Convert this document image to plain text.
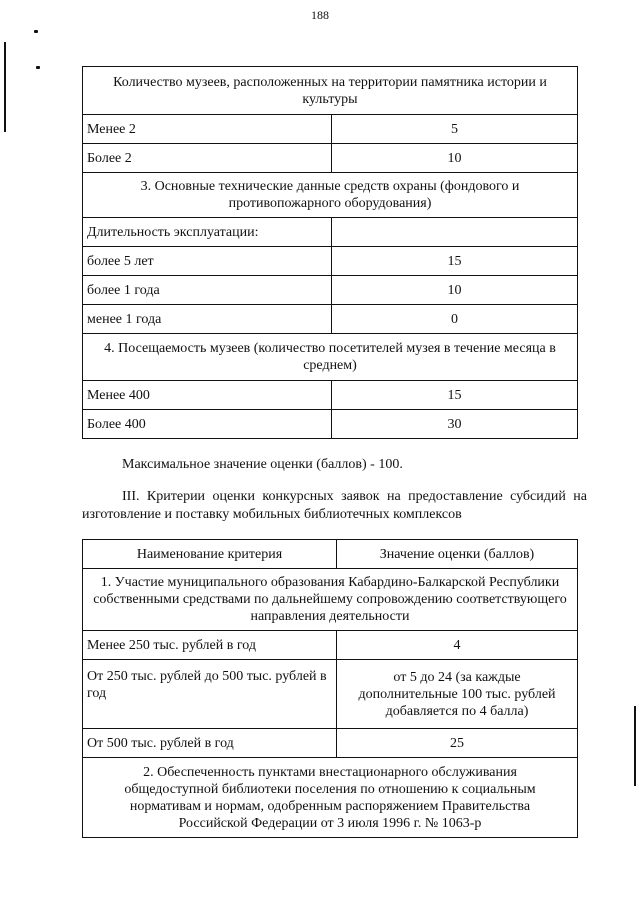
188
Количество музеев, расположенных на территории памятника истории и культуры	
Менее 2	5
Более 2	10
3. Основные технические данные средств охраны (фондового и противопожарного оборудования)	
Длительность эксплуатации:	
более 5 лет	15
более 1 года	10
менее 1 года	0
4. Посещаемость музеев (количество посетителей музея в течение месяца в среднем)	
Менее 400	15
Более 400	30
Максимальное значение оценки (баллов) - 100.
III. Критерии оценки конкурсных заявок на предоставление субсидий на изготовление и поставку мобильных библиотечных комплексов
Наименование критерия	Значение оценки (баллов)
1. Участие муниципального образования Кабардино-Балкарской Республики собственными средствами по дальнейшему сопровождению соответствующего направления деятельности	
Менее 250 тыс. рублей в год	4
От 250 тыс. рублей до 500 тыс. рублей в год	от 5 до 24 (за каждые дополнительные 100 тыс. рублей добавляется по 4 балла)
От 500 тыс. рублей в год	25
2. Обеспеченность пунктами внестационарного обслуживания общедоступной библиотеки поселения по отношению к социальным нормативам и нормам, одобренным распоряжением Правительства Российской Федерации от 3 июля 1996 г. № 1063-р	
